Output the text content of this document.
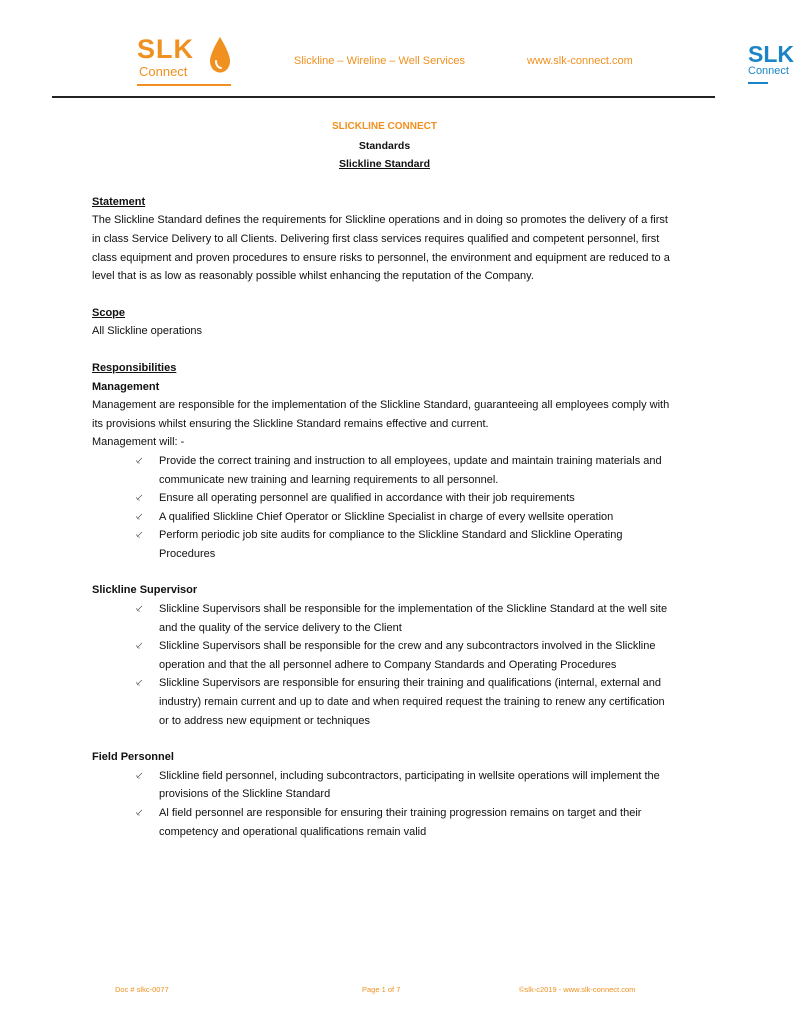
SLK
Connect
Slickline – Wireline – Well Services	www.slk-connect.com	SLK
Connect

SLICKLINE CONNECT

Standards

Slickline Standard

Statement

The Slickline Standard defines the requirements for Slickline operations and in doing so promotes the delivery of a first in class Service Delivery to all Clients. Delivering first class services requires qualified and competent personnel, first class equipment and proven procedures to ensure risks to personnel, the environment and equipment are reduced to a level that is as low as reasonably possible whilst enhancing the reputation of the Company.

Scope

All Slickline operations

Responsibilities

Management

Management are responsible for the implementation of the Slickline Standard, guaranteeing all employees comply with its provisions whilst ensuring the Slickline Standard remains effective and current.

Management will: -

⸔ Provide the correct training and instruction to all employees, update and maintain training materials and communicate new training and learning requirements to all personnel.
⸔ Ensure all operating personnel are qualified in accordance with their job requirements
⸔ A qualified Slickline Chief Operator or Slickline Specialist in charge of every wellsite operation
⸔ Perform periodic job site audits for compliance to the Slickline Standard and Slickline Operating Procedures

Slickline Supervisor

⸔ Slickline Supervisors shall be responsible for the implementation of the Slickline Standard at the well site and the quality of the service delivery to the Client
⸔ Slickline Supervisors shall be responsible for the crew and any subcontractors involved in the Slickline operation and that the all personnel adhere to Company Standards and Operating Procedures
⸔ Slickline Supervisors are responsible for ensuring their training and qualifications (internal, external and industry) remain current and up to date and when required request the training to renew any certification or to address new equipment or techniques

Field Personnel

⸔ Slickline field personnel, including subcontractors, participating in wellsite operations will implement the provisions of the Slickline Standard
⸔ Al field personnel are responsible for ensuring their training progression remains on target and their competency and operational qualifications remain valid
Doc # slkc-0077	Page 1 of 7	©slk-c2019 - www.slk-connect.com
